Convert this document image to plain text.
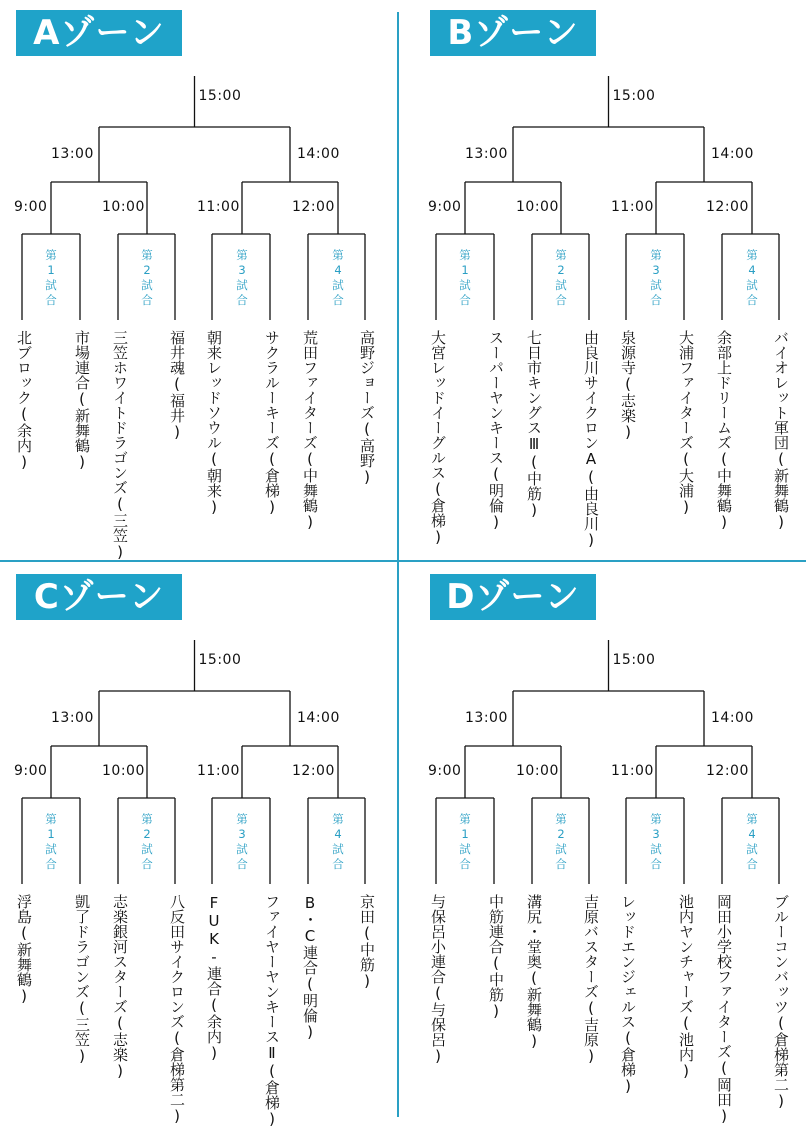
Aゾーン
15:00
13:00	14:00
9:00	10:00	11:00	12:00
第
1
試合
第
2
試合
第
3
試合
第
4
試合
北ブロック(余内)	市場連合(新舞鶴) 三笠ホワイトドラゴンズ(三笠)	福井魂(福井) 朝来レッドソウル(朝来)	サクラルーキーズ(倉梯) 荒田ファイターズ(中舞鶴)	高野ジョーズ(高野)
Bゾーン
15:00
13:00	14:00
9:00	10:00	11:00	12:00
第
1
試合
第
2
試合
第
3
試合
第
4
試合
大宮レッドイーグルス(倉梯)	スーパーヤンキース(明倫) 七日市キングスⅢ(中筋)	由良川サイクロンA(由良川) 泉源寺(志楽)	大浦ファイターズ(大浦) 余部上ドリームズ(中舞鶴)	バイオレット軍団(新舞鶴)
Cゾーン
15:00
13:00	14:00
9:00	10:00	11:00	12:00
第
1
試合
第
2
試合
第
3
試合
第
4
試合
浮島(新舞鶴)	凱了ドラゴンズ(三笠) 志楽銀河スターズ(志楽)	八反田サイクロンズ(倉梯第二) FUK-連合(余内)	ファイヤーヤンキースⅡ(倉梯) B・C連合(明倫)	京田(中筋)
Dゾーン
15:00
13:00	14:00
9:00	10:00	11:00	12:00
第
1
試合
第
2
試合
第
3
試合
第
4
試合
与保呂小連合(与保呂)	中筋連合(中筋) 溝尻・堂奥(新舞鶴)	吉原バスターズ(吉原) レッドエンジェルス(倉梯)	池内ヤンチャーズ(池内) 岡田小学校ファイターズ(岡田)	ブルーコンバッツ(倉梯第二)
